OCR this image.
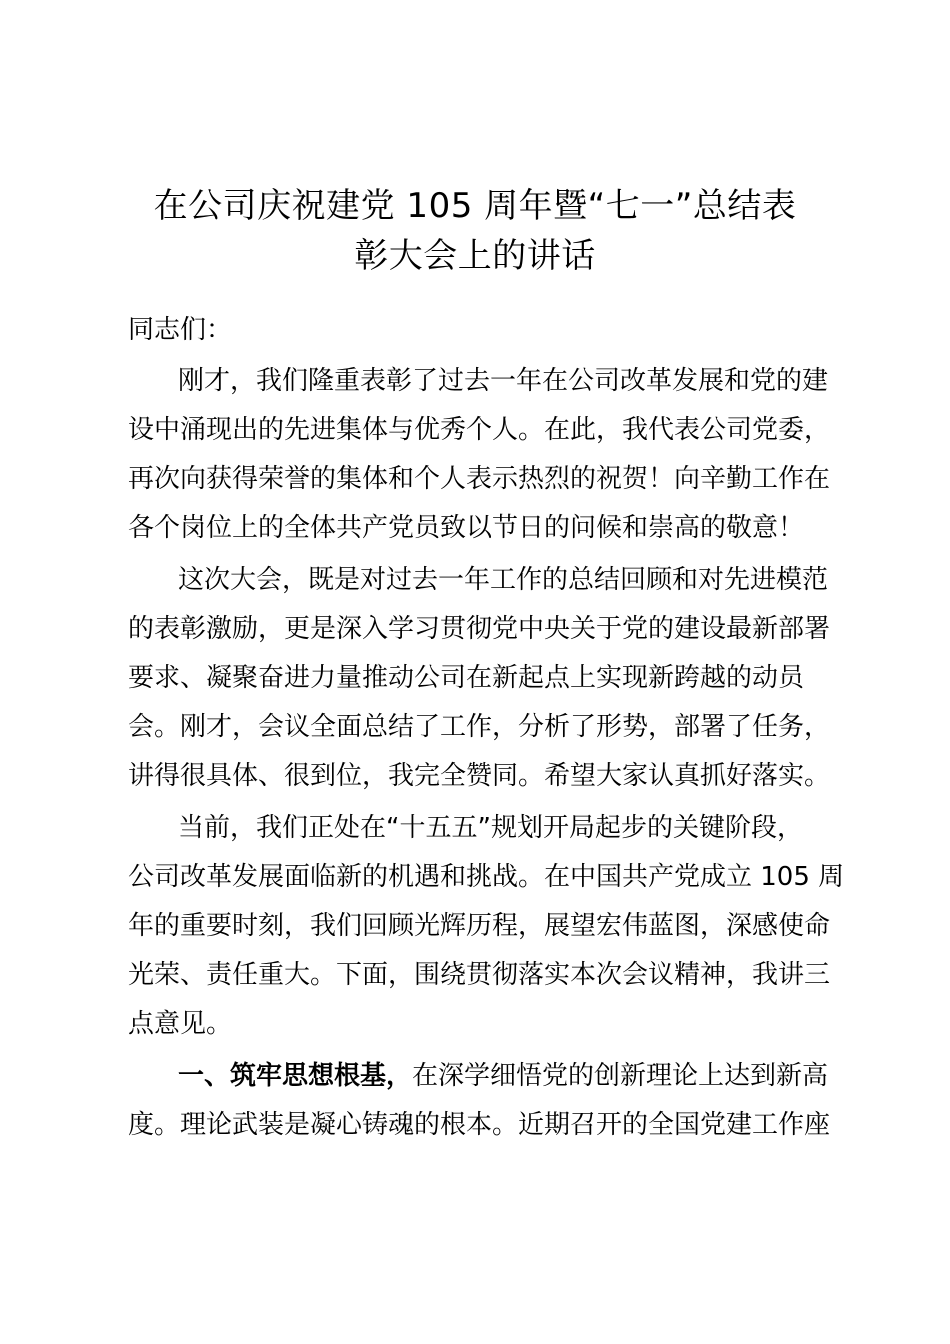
在公司庆祝建党 105 周年暨“七一”总结表
彰大会上的讲话
同志们：
刚才，我们隆重表彰了过去一年在公司改革发展和党的建
设中涌现出的先进集体与优秀个人。在此，我代表公司党委，
再次向获得荣誉的集体和个人表示热烈的祝贺！向辛勤工作在
各个岗位上的全体共产党员致以节日的问候和崇高的敬意！
这次大会，既是对过去一年工作的总结回顾和对先进模范
的表彰激励，更是深入学习贯彻党中央关于党的建设最新部署
要求、凝聚奋进力量推动公司在新起点上实现新跨越的动员
会。刚才，会议全面总结了工作，分析了形势，部署了任务，
讲得很具体、很到位，我完全赞同。希望大家认真抓好落实。
当前，我们正处在“十五五”规划开局起步的关键阶段，
公司改革发展面临新的机遇和挑战。在中国共产党成立 105 周
年的重要时刻，我们回顾光辉历程，展望宏伟蓝图，深感使命
光荣、责任重大。下面，围绕贯彻落实本次会议精神，我讲三
点意见。
一、筑牢思想根基，在深学细悟党的创新理论上达到新高
度。理论武装是凝心铸魂的根本。近期召开的全国党建工作座
